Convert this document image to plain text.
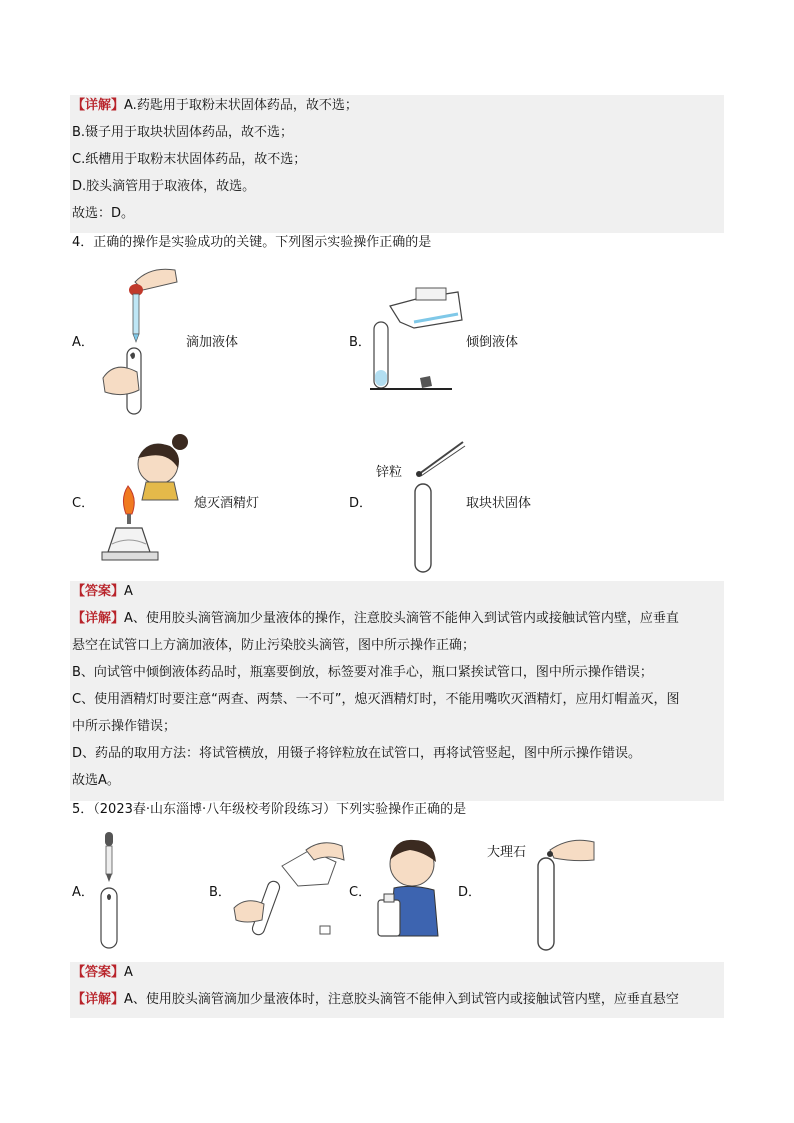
【详解】A.药匙用于取粉末状固体药品，故不选；
B.镊子用于取块状固体药品，故不选；
C.纸槽用于取粉末状固体药品，故不选；
D.胶头滴管用于取液体，故选。
故选：D。
4．正确的操作是实验成功的关键。下列图示实验操作正确的是
A．	滴加液体	B．	倾倒液体
C．	熄灭酒精灯	D．
锌粒
取块状固体
【答案】A
【详解】A、使用胶头滴管滴加少量液体的操作，注意胶头滴管不能伸入到试管内或接触试管内壁，应垂直
悬空在试管口上方滴加液体，防止污染胶头滴管，图中所示操作正确；
B、向试管中倾倒液体药品时，瓶塞要倒放，标签要对准手心，瓶口紧挨试管口，图中所示操作错误；
C、使用酒精灯时要注意“两查、两禁、一不可”，熄灭酒精灯时，不能用嘴吹灭酒精灯，应用灯帽盖灭，图
中所示操作错误；
D、药品的取用方法：将试管横放，用镊子将锌粒放在试管口，再将试管竖起，图中所示操作错误。
故选A。
5．（2023春·山东淄博·八年级校考阶段练习）下列实验操作正确的是
A．	B．	C．	D．
大理石
【答案】A
【详解】A、使用胶头滴管滴加少量液体时，注意胶头滴管不能伸入到试管内或接触试管内壁，应垂直悬空
